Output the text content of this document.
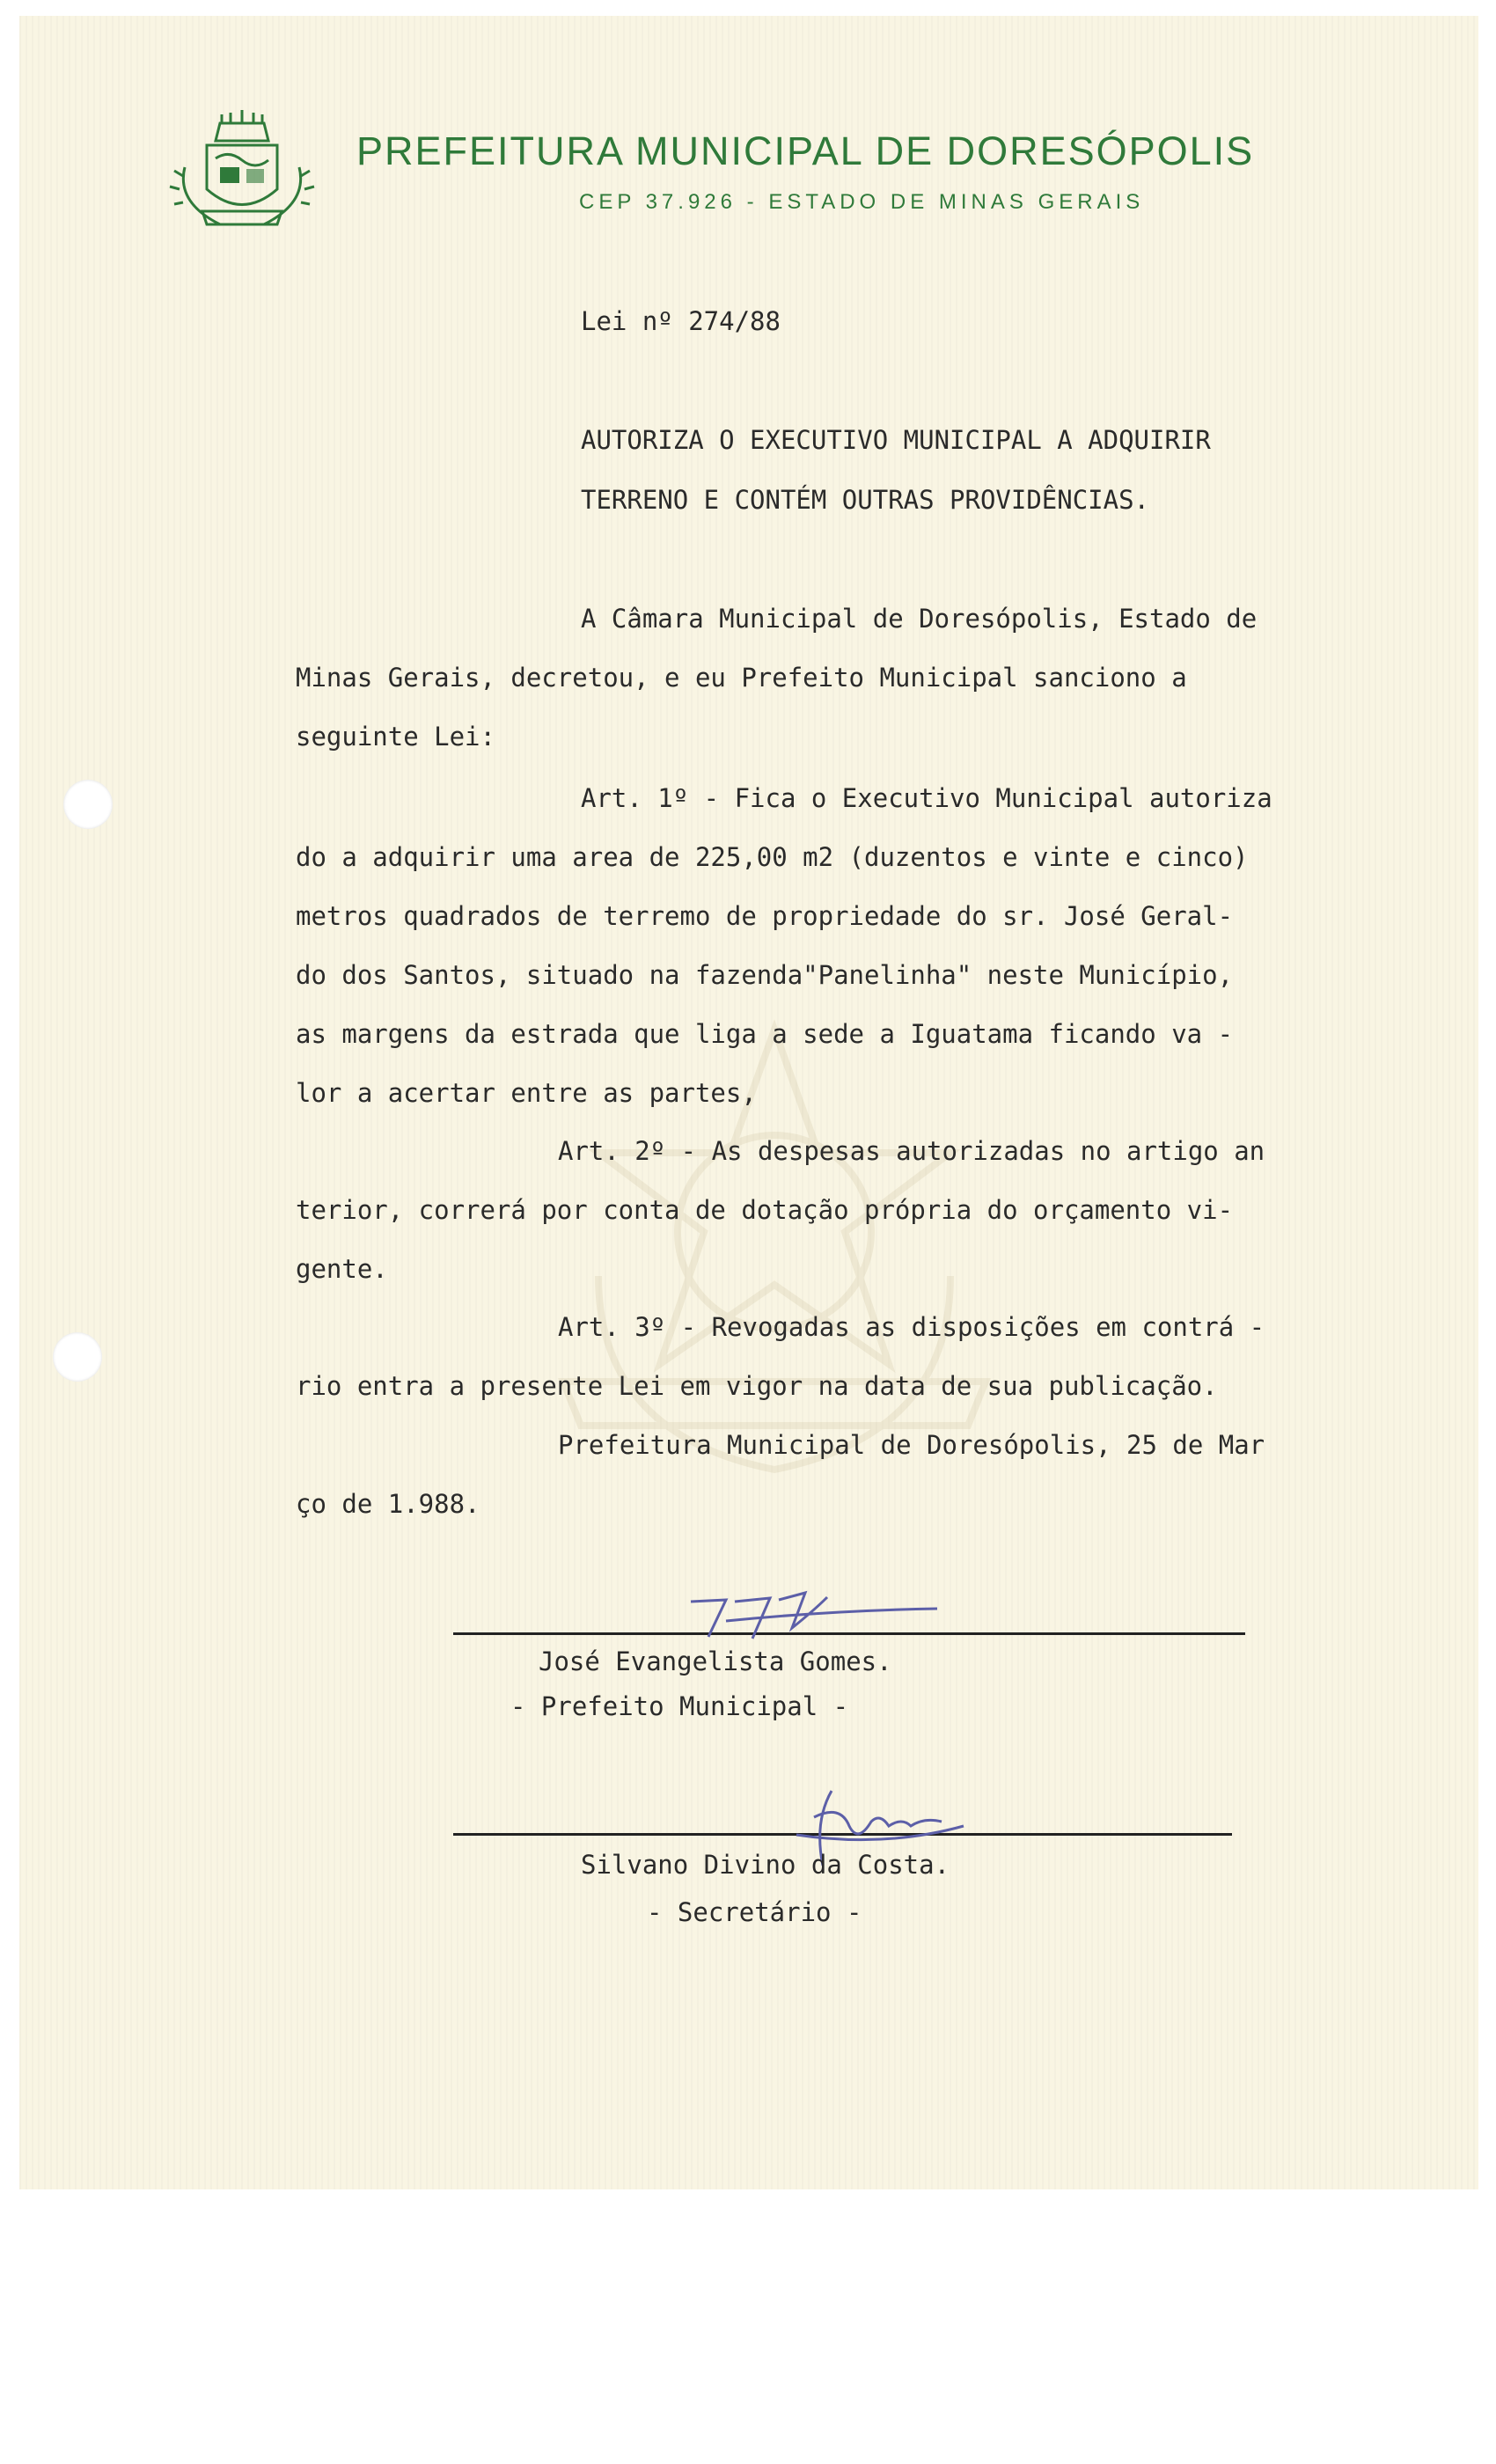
PREFEITURA MUNICIPAL DE DORESÓPOLIS
CEP 37.926 - ESTADO DE MINAS GERAIS
Lei nº 274/88
AUTORIZA O EXECUTIVO MUNICIPAL A ADQUIRIR
TERRENO E CONTÉM OUTRAS PROVIDÊNCIAS.
A Câmara Municipal de Doresópolis, Estado de
Minas Gerais, decretou, e eu Prefeito Municipal sanciono a
seguinte Lei:
Art. 1º - Fica o Executivo Municipal autoriza
do a adquirir uma area de 225,00 m2 (duzentos e vinte e cinco)
metros quadrados de terremo de propriedade do sr. José Geral-
do dos Santos, situado na fazenda"Panelinha" neste Município,
as margens da estrada que liga a sede a Iguatama ficando va -
lor a acertar entre as partes,
Art. 2º - As despesas autorizadas no artigo an
terior, correrá por conta de dotação própria do orçamento vi-
gente.
Art. 3º - Revogadas as disposições em contrá -
rio entra a presente Lei em vigor na data de sua publicação.
Prefeitura Municipal de Doresópolis, 25 de Mar
ço de 1.988.
José Evangelista Gomes.
- Prefeito Municipal -
Silvano Divino da Costa.
- Secretário -
